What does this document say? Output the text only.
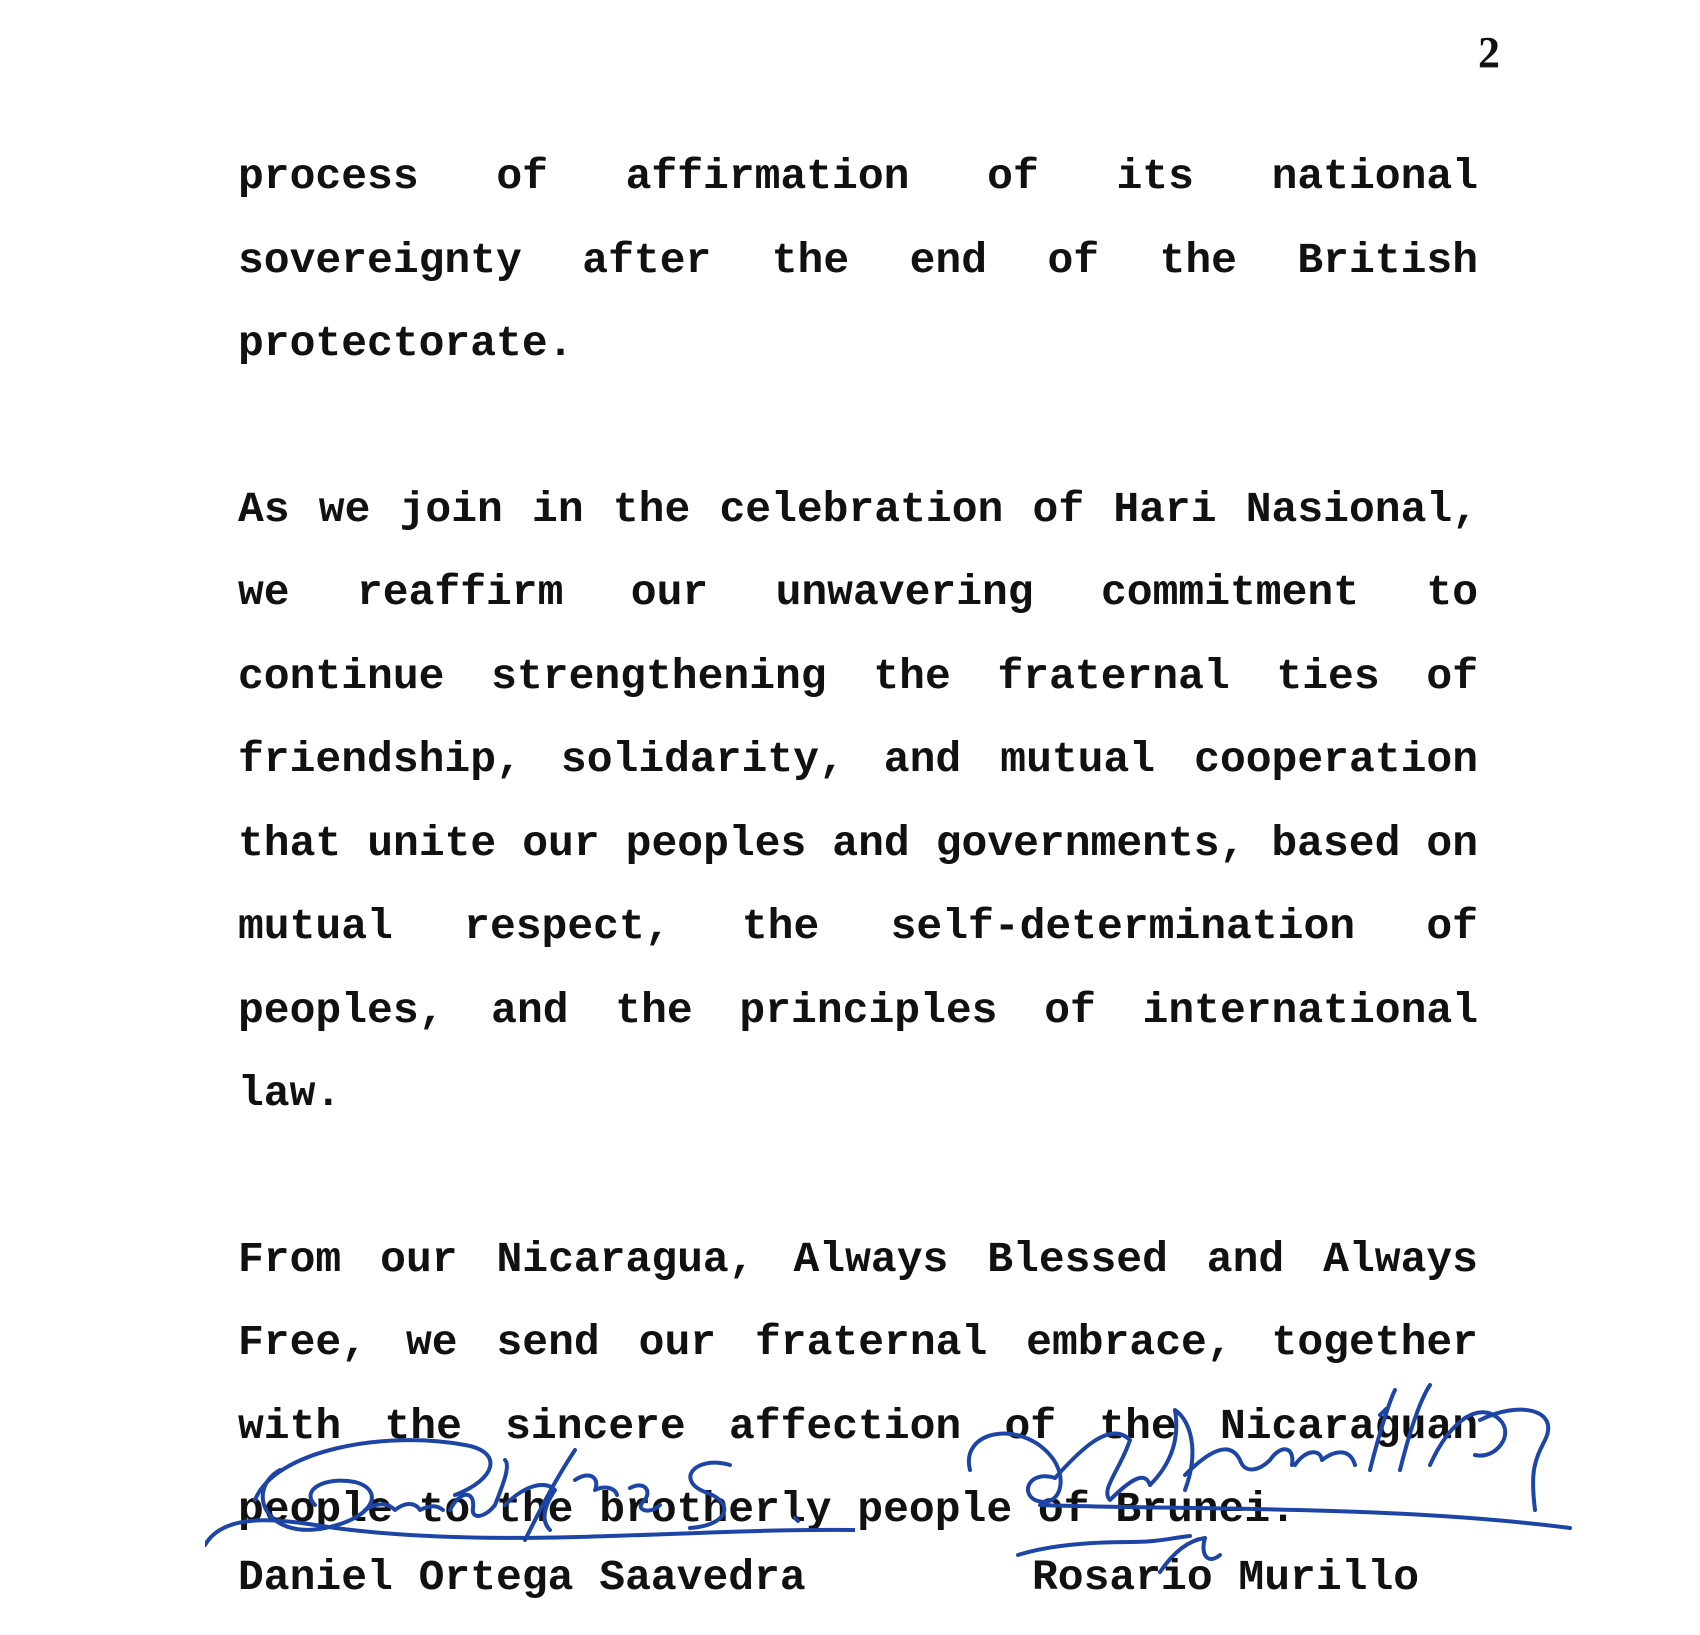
2

process of affirmation of its national sovereignty after the end of the British protectorate.

As we join in the celebration of Hari Nasional, we reaffirm our unwavering commitment to continue strengthening the fraternal ties of friendship, solidarity, and mutual cooperation that unite our peoples and governments, based on mutual respect, the self-determination of peoples, and the principles of international law.

From our Nicaragua, Always Blessed and Always Free, we send our fraternal embrace, together with the sincere affection of the Nicaraguan people to the brotherly people of Brunei.

Daniel Ortega Saavedra	Rosario Murillo
